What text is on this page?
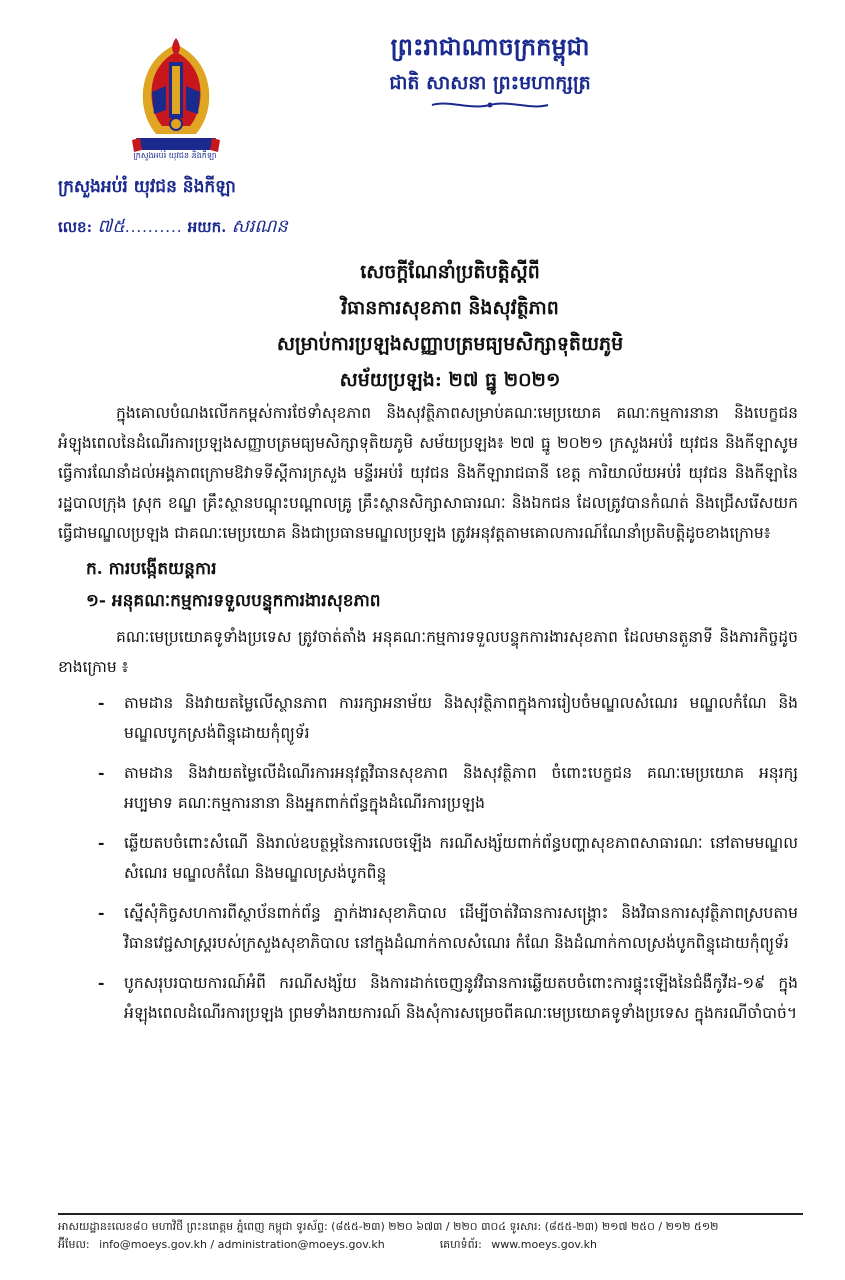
ក្រសួងអប់រំ យុវជន និងកីឡា
ព្រះរាជាណាចក្រកម្ពុជា
ជាតិ សាសនា ព្រះមហាក្សត្រ
ក្រសួងអប់រំ យុវជន និងកីឡា
លេខ: ៧៥.......... អយក. សរណន
សេចក្តីណែនាំប្រតិបត្តិស្តីពី
វិធានការសុខភាព និងសុវត្ថិភាព
សម្រាប់ការប្រឡងសញ្ញាបត្រមធ្យមសិក្សាទុតិយភូមិ
សម័យប្រឡង: ២៧ ធ្នូ ២០២១

ក្នុងគោលបំណងលើកកម្ពស់ការថែទាំសុខភាព និងសុវត្ថិភាពសម្រាប់គណៈមេប្រយោគ គណៈកម្មការនានា និងបេក្ខជន អំឡុងពេលនៃដំណើរការប្រឡងសញ្ញាបត្រមធ្យមសិក្សាទុតិយភូមិ សម័យប្រឡង៖ ២៧ ធ្នូ ២០២១ ក្រសួងអប់រំ យុវជន និងកីឡាសូមធ្វើការណែនាំដល់អង្គភាពក្រោមឱវាទទីស្តីការក្រសួង មន្ទីរអប់រំ យុវជន និងកីឡារាជធានី ខេត្ត ការិយាល័យអប់រំ យុវជន និងកីឡានៃរដ្ឋបាលក្រុង ស្រុក ខណ្ឌ គ្រឹះស្ថានបណ្តុះបណ្តាលគ្រូ គ្រឹះស្ថានសិក្សាសាធារណៈ និងឯកជន ដែលត្រូវបានកំណត់ និងជ្រើសរើសយកធ្វើជាមណ្ឌលប្រឡង ជាគណៈមេប្រយោគ និងជាប្រធានមណ្ឌលប្រឡង ត្រូវអនុវត្តតាមគោលការណ៍ណែនាំប្រតិបត្តិដូចខាងក្រោម៖

ក. ការបង្កើតយន្តការ

១- អនុគណៈកម្មការទទួលបន្ទុកការងារសុខភាព

គណៈមេប្រយោគទូទាំងប្រទេស ត្រូវចាត់តាំង អនុគណៈកម្មការទទួលបន្ទុកការងារសុខភាព ដែលមានតួនាទី និងភារកិច្ចដូចខាងក្រោម ៖

- តាមដាន និងវាយតម្លៃលើស្ថានភាព ការរក្សាអនាម័យ និងសុវត្ថិភាពក្នុងការរៀបចំមណ្ឌលសំណេរ មណ្ឌលកំណែ និងមណ្ឌលបូកស្រង់ពិន្ទុដោយកុំព្យូទ័រ
- តាមដាន និងវាយតម្លៃលើដំណើរការអនុវត្តវិធានសុខភាព និងសុវត្ថិភាព ចំពោះបេក្ខជន គណៈមេប្រយោគ អនុរក្ស អប្បមាទ គណៈកម្មការនានា និងអ្នកពាក់ព័ន្ធក្នុងដំណើរការប្រឡង
- ឆ្លើយតបចំពោះសំណើ និងរាល់ឧបត្ថម្ភនៃការលេចឡើង ករណីសង្ស័យពាក់ព័ន្ធបញ្ហាសុខភាពសាធារណៈ នៅតាមមណ្ឌលសំណេរ មណ្ឌលកំណែ និងមណ្ឌលស្រង់បូកពិន្ទុ
- ស្នើសុំកិច្ចសហការពីស្ថាប័នពាក់ព័ន្ធ ភ្នាក់ងារសុខាភិបាល ដើម្បីចាត់វិធានការសង្គ្រោះ និងវិធានការសុវត្ថិភាពស្របតាមវិធានវេជ្ជសាស្ត្ររបស់ក្រសួងសុខាភិបាល នៅក្នុងដំណាក់កាលសំណេរ កំណែ និងដំណាក់កាលស្រង់បូកពិន្ទុដោយកុំព្យូទ័រ
- បូកសរុបរបាយការណ៍អំពី ករណីសង្ស័យ និងការដាក់ចេញនូវវិធានការឆ្លើយតបចំពោះការផ្ទុះឡើងនៃជំងឺកូវីដ-១៩ ក្នុងអំឡុងពេលដំណើរការប្រឡង ព្រមទាំងរាយការណ៍ និងសុំការសម្រេចពីគណៈមេប្រយោគទូទាំងប្រទេស ក្នុងករណីចាំបាច់។
អាសយដ្ឋាន៖លេខ៨០ មហាវិថី ព្រះនរោត្តម ភ្នំពេញ កម្ពុជា ទូរស័ព្ទ: (៨៥៥-២៣) ២២០ ៦៧៣ / ២២០ ៣០៤ ទូរសារ: (៨៥៥-២៣) ២១៧ ២៥០ / ២១២ ៥១២
អ៊ីមែល: info@moeys.gov.kh / administration@moeys.gov.kh	គេហទំព័រ: www.moeys.gov.kh
